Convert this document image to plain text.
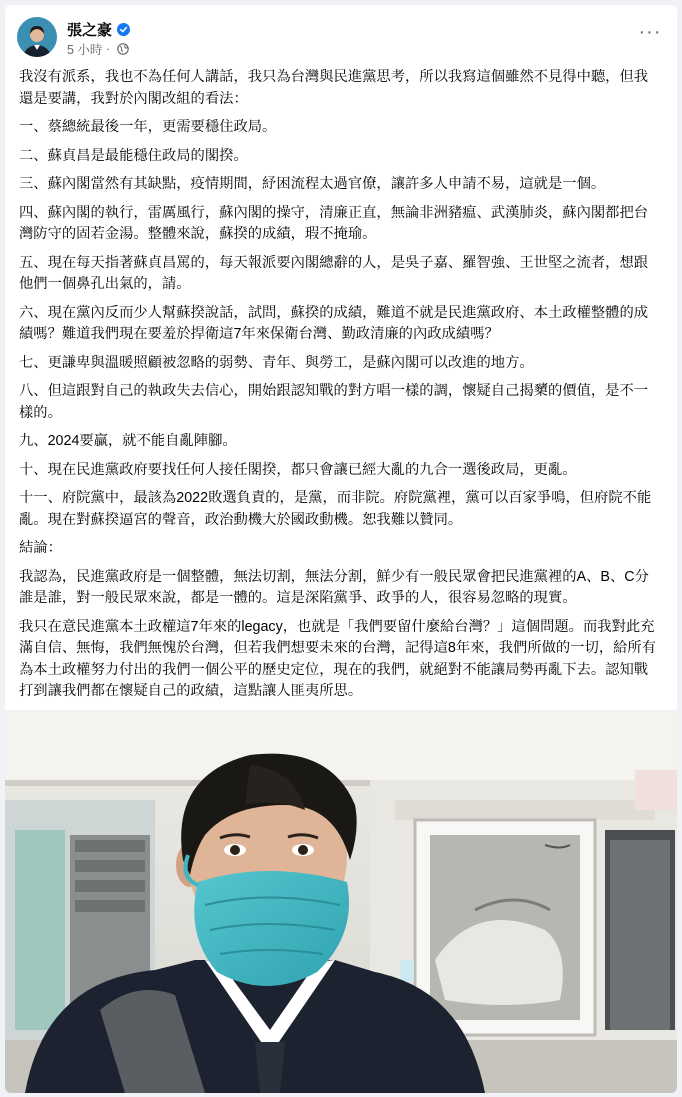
張之豪
5 小時 ·
···

我沒有派系，我也不為任何人講話，我只為台灣與民進黨思考，所以我寫這個雖然不見得中聽，但我還是要講，我對於內閣改組的看法：

一、蔡總統最後一年，更需要穩住政局。

二、蘇貞昌是最能穩住政局的閣揆。

三、蘇內閣當然有其缺點，疫情期間，紓困流程太過官僚，讓許多人申請不易，這就是一個。

四、蘇內閣的執行，雷厲風行，蘇內閣的操守，清廉正直，無論非洲豬瘟、武漢肺炎，蘇內閣都把台灣防守的固若金湯。整體來說，蘇揆的成績，瑕不掩瑜。

五、現在每天指著蘇貞昌罵的，每天報派要內閣總辭的人，是吳子嘉、羅智強、王世堅之流者，想跟他們一個鼻孔出氣的，請。

六、現在黨內反而少人幫蘇揆說話，試問，蘇揆的成績，難道不就是民進黨政府、本土政權整體的成績嗎？難道我們現在要羞於捍衛這7年來保衛台灣、勤政清廉的內政成績嗎？

七、更謙卑與溫暖照顧被忽略的弱勢、青年、與勞工，是蘇內閣可以改進的地方。

八、但這跟對自己的執政失去信心，開始跟認知戰的對方唱一樣的調，懷疑自己揭櫫的價值，是不一樣的。

九、2024要贏，就不能自亂陣腳。

十、現在民進黨政府要找任何人接任閣揆，都只會讓已經大亂的九合一選後政局，更亂。

十一、府院黨中，最該為2022敗選負責的，是黨，而非院。府院黨裡，黨可以百家爭鳴，但府院不能亂。現在對蘇揆逼宮的聲音，政治動機大於國政動機。恕我難以贊同。

結論：

我認為，民進黨政府是一個整體，無法切割，無法分割，鮮少有一般民眾會把民進黨裡的A、B、C分誰是誰，對一般民眾來說，都是一體的。這是深陷黨爭、政爭的人，很容易忽略的現實。

我只在意民進黨本土政權這7年來的legacy，也就是「我們要留什麼給台灣？」這個問題。而我對此充滿自信、無悔，我們無愧於台灣，但若我們想要未來的台灣，記得這8年來，我們所做的一切，給所有為本土政權努力付出的我們一個公平的歷史定位，現在的我們，就絕對不能讓局勢再亂下去。認知戰打到讓我們都在懷疑自己的政績，這點讓人匪夷所思。
